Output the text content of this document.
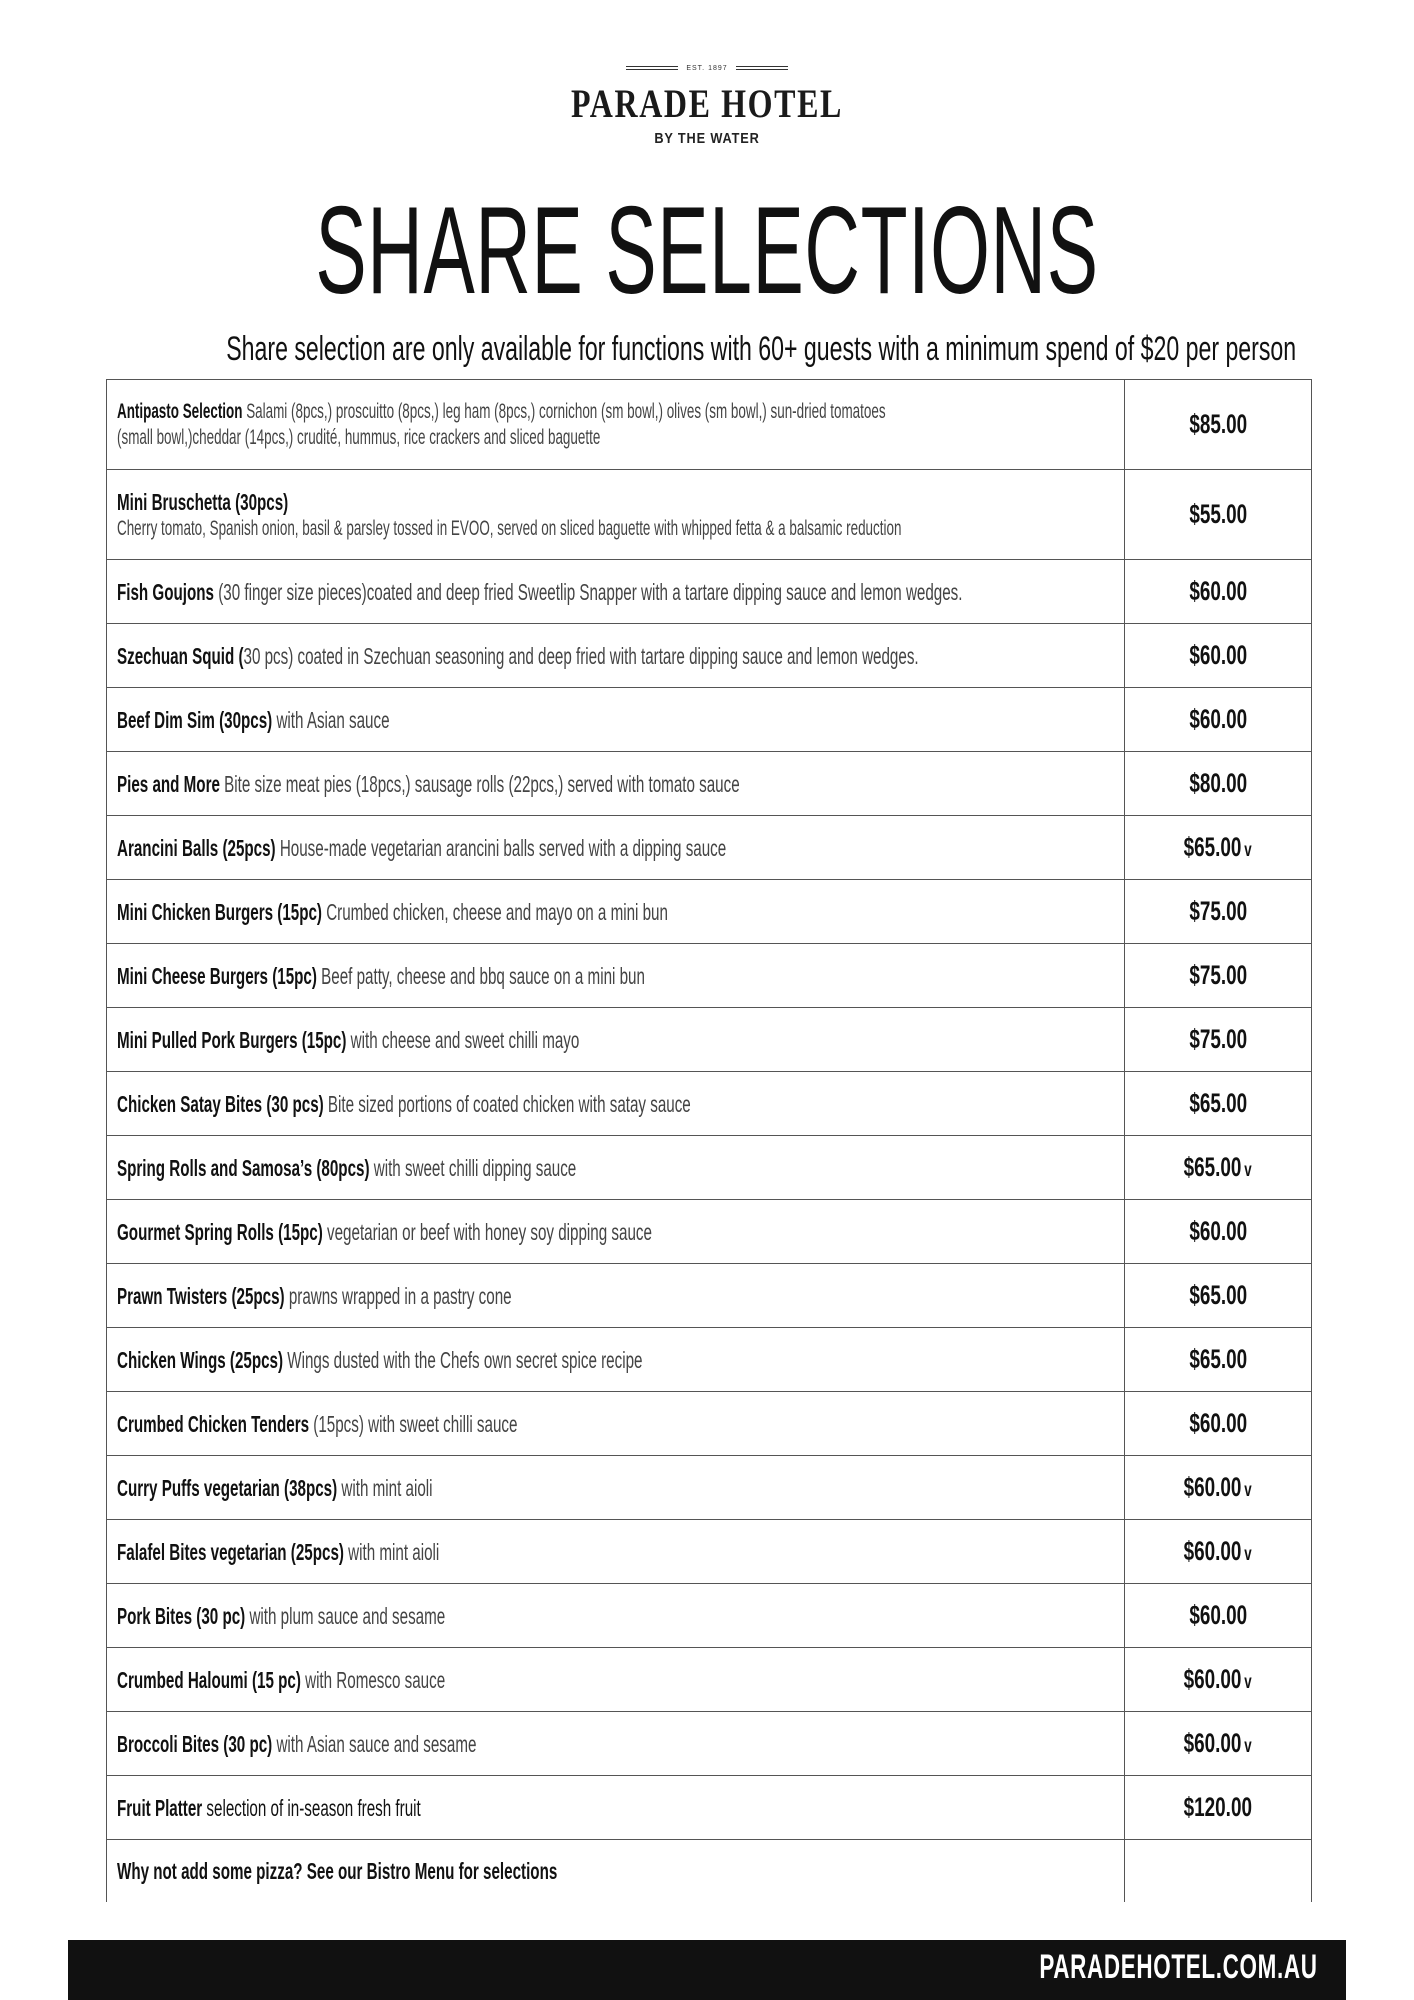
EST. 1897
PARADE HOTEL
BY THE WATER
SHARE SELECTIONS
Share selection are only available for functions with 60+ guests with a minimum spend of $20 per person
Antipasto Selection Salami (8pcs,) proscuitto (8pcs,) leg ham (8pcs,) cornichon (sm bowl,) olives (sm bowl,) sun-dried tomatoes
(small bowl,)cheddar (14pcs,) crudité, hummus, rice crackers and sliced baguette	$85.00
Mini Bruschetta (30pcs)
Cherry tomato, Spanish onion, basil & parsley tossed in EVOO, served on sliced baguette with whipped fetta & a balsamic reduction	$55.00
Fish Goujons (30 finger size pieces)coated and deep fried Sweetlip Snapper with a tartare dipping sauce and lemon wedges.	$60.00
Szechuan Squid (30 pcs) coated in Szechuan seasoning and deep fried with tartare dipping sauce and lemon wedges.	$60.00
Beef Dim Sim (30pcs) with Asian sauce	$60.00
Pies and More Bite size meat pies (18pcs,) sausage rolls (22pcs,) served with tomato sauce	$80.00
Arancini Balls (25pcs) House-made vegetarian arancini balls served with a dipping sauce	$65.00 v
Mini Chicken Burgers (15pc) Crumbed chicken, cheese and mayo on a mini bun	$75.00
Mini Cheese Burgers (15pc) Beef patty, cheese and bbq sauce on a mini bun	$75.00
Mini Pulled Pork Burgers (15pc) with cheese and sweet chilli mayo	$75.00
Chicken Satay Bites (30 pcs) Bite sized portions of coated chicken with satay sauce	$65.00
Spring Rolls and Samosa’s (80pcs) with sweet chilli dipping sauce	$65.00 v
Gourmet Spring Rolls (15pc) vegetarian or beef with honey soy dipping sauce	$60.00
Prawn Twisters (25pcs) prawns wrapped in a pastry cone	$65.00
Chicken Wings (25pcs) Wings dusted with the Chefs own secret spice recipe	$65.00
Crumbed Chicken Tenders (15pcs) with sweet chilli sauce	$60.00
Curry Puffs vegetarian (38pcs) with mint aioli	$60.00 v
Falafel Bites vegetarian (25pcs) with mint aioli	$60.00 v
Pork Bites (30 pc) with plum sauce and sesame	$60.00
Crumbed Haloumi (15 pc) with Romesco sauce	$60.00 v
Broccoli Bites (30 pc) with Asian sauce and sesame	$60.00 v
Fruit Platter selection of in-season fresh fruit	$120.00
Why not add some pizza? See our Bistro Menu for selections
PARADEHOTEL.COM.AU
